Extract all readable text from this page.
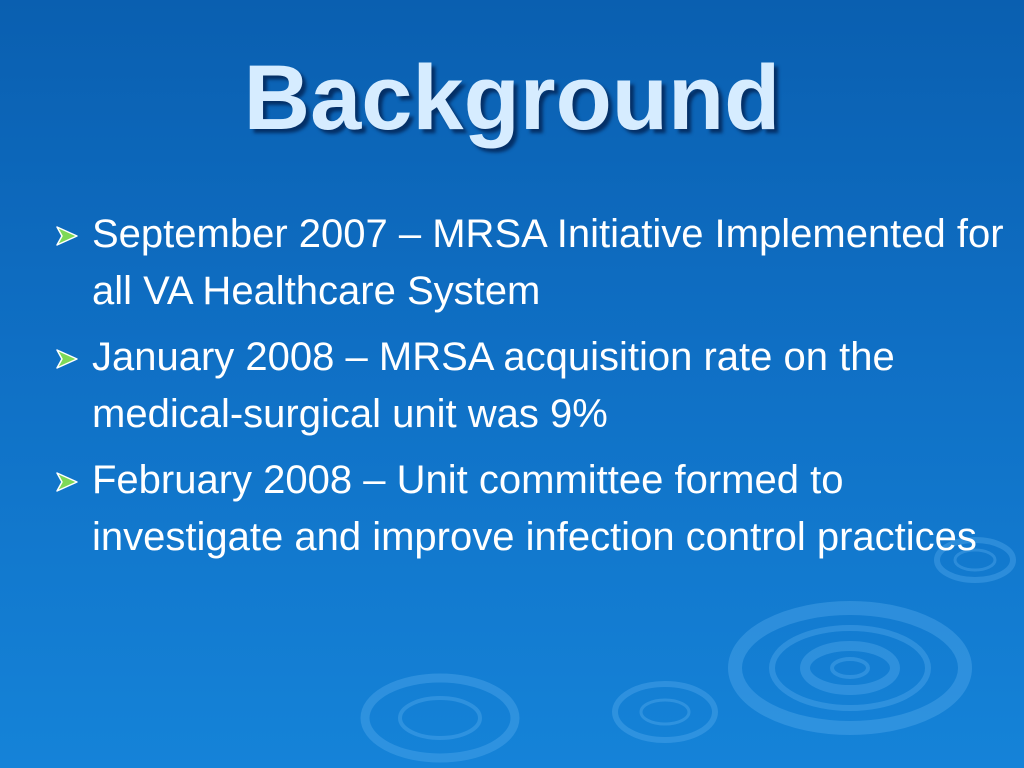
Background
September 2007 – MRSA Initiative Implemented for all VA Healthcare System
January 2008 – MRSA acquisition rate on the medical-surgical unit was 9%
February 2008 – Unit committee formed to investigate and improve infection control practices
